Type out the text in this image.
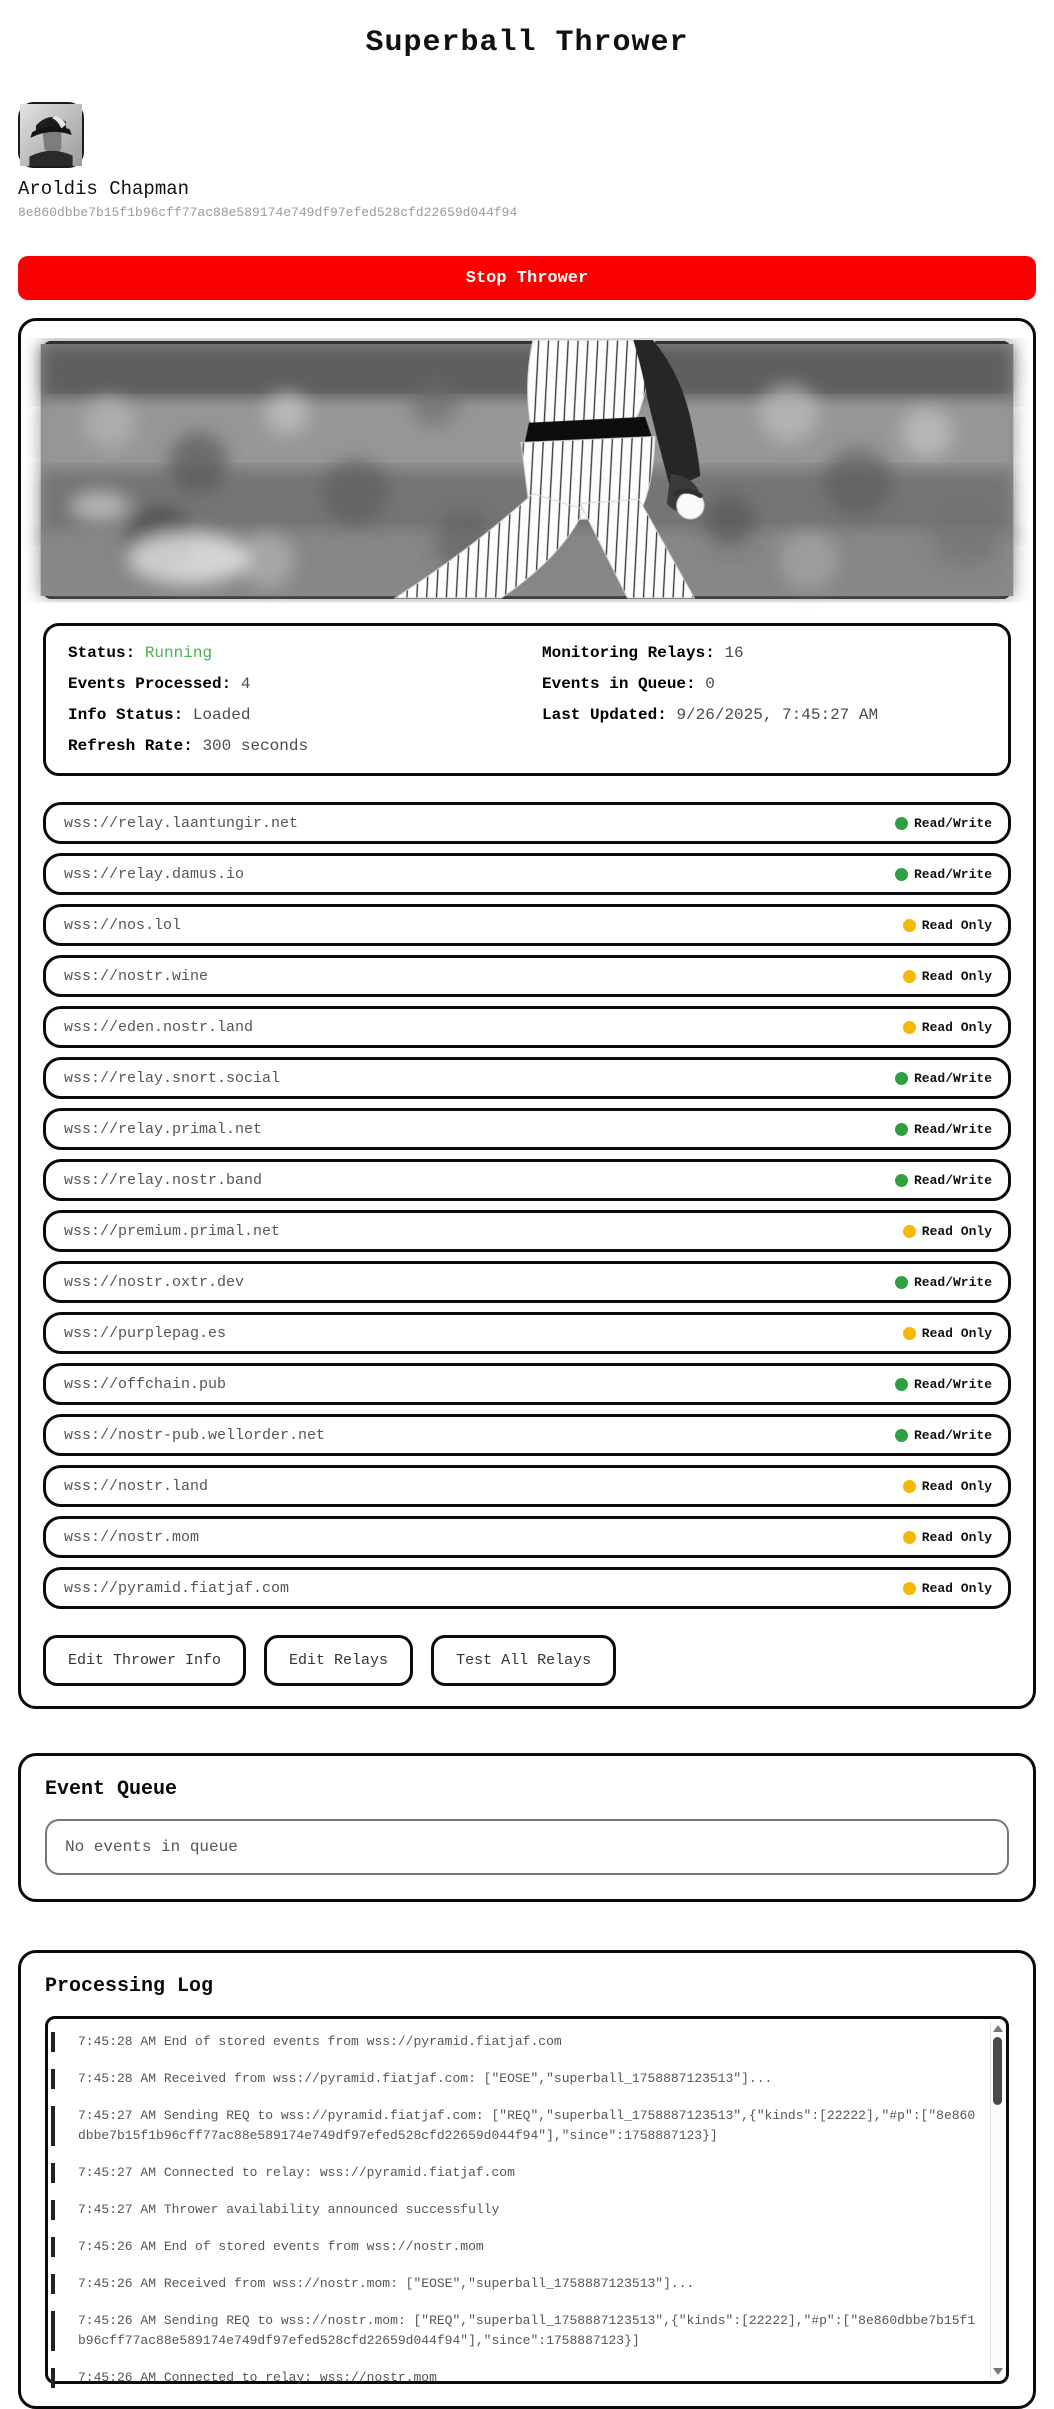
Superball Thrower
Aroldis Chapman
8e860dbbe7b15f1b96cff77ac88e589174e749df97efed528cfd22659d044f94
Stop Thrower
Status: Running	Monitoring Relays: 16
Events Processed: 4	Events in Queue: 0
Info Status: Loaded	Last Updated: 9/26/2025, 7:45:27 AM
Refresh Rate: 300 seconds
wss://relay.laantungir.net	Read/Write
wss://relay.damus.io	Read/Write
wss://nos.lol	Read Only
wss://nostr.wine	Read Only
wss://eden.nostr.land	Read Only
wss://relay.snort.social	Read/Write
wss://relay.primal.net	Read/Write
wss://relay.nostr.band	Read/Write
wss://premium.primal.net	Read Only
wss://nostr.oxtr.dev	Read/Write
wss://purplepag.es	Read Only
wss://offchain.pub	Read/Write
wss://nostr-pub.wellorder.net	Read/Write
wss://nostr.land	Read Only
wss://nostr.mom	Read Only
wss://pyramid.fiatjaf.com	Read Only
Edit Thrower Info	Edit Relays	Test All Relays
Event Queue
No events in queue
Processing Log
7:45:28 AM End of stored events from wss://pyramid.fiatjaf.com
7:45:28 AM Received from wss://pyramid.fiatjaf.com: ["EOSE","superball_1758887123513"]...
7:45:27 AM Sending REQ to wss://pyramid.fiatjaf.com: ["REQ","superball_1758887123513",{"kinds":[22222],"#p":["8e860dbbe7b15f1b96cff77ac88e589174e749df97efed528cfd22659d044f94"],"since":1758887123}]
7:45:27 AM Connected to relay: wss://pyramid.fiatjaf.com
7:45:27 AM Thrower availability announced successfully
7:45:26 AM End of stored events from wss://nostr.mom
7:45:26 AM Received from wss://nostr.mom: ["EOSE","superball_1758887123513"]...
7:45:26 AM Sending REQ to wss://nostr.mom: ["REQ","superball_1758887123513",{"kinds":[22222],"#p":["8e860dbbe7b15f1b96cff77ac88e589174e749df97efed528cfd22659d044f94"],"since":1758887123}]
7:45:26 AM Connected to relay: wss://nostr.mom
